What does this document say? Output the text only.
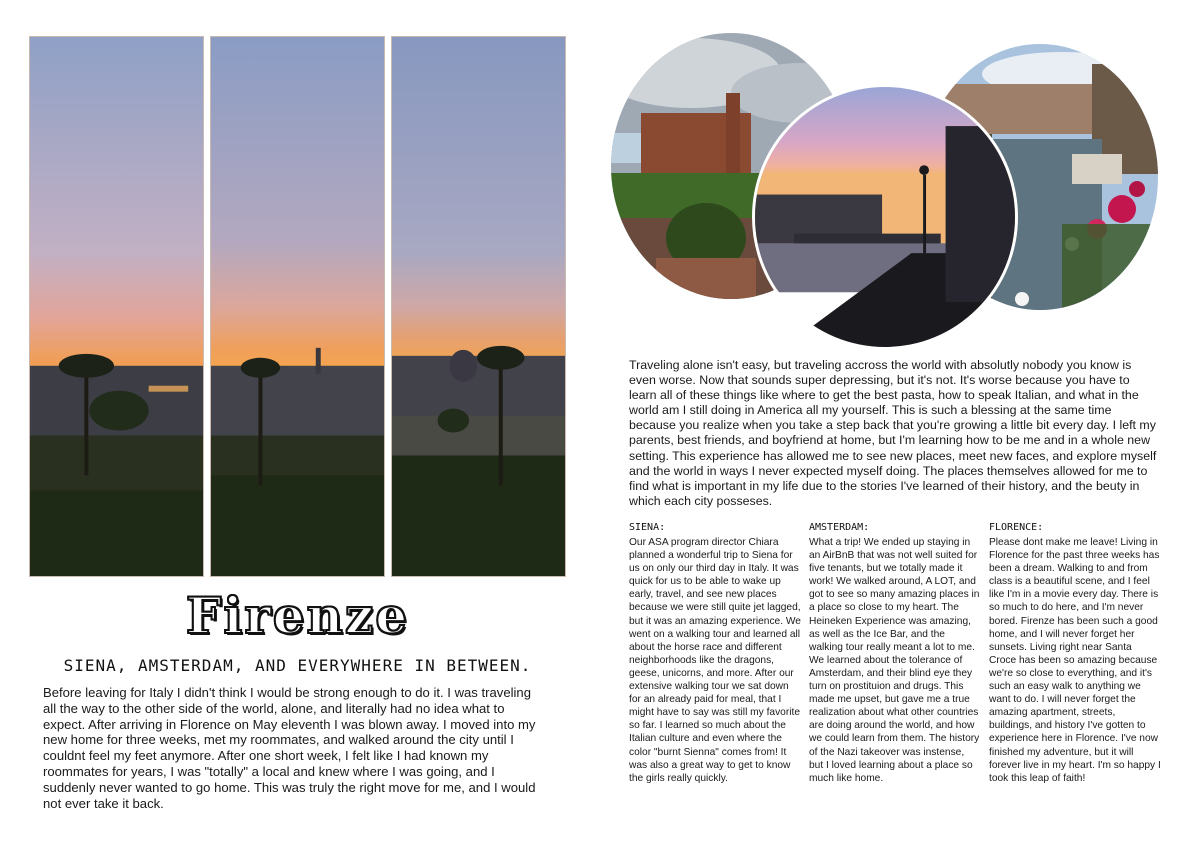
Firenze
SIENA, AMSTERDAM, AND EVERYWHERE IN BETWEEN.

Before leaving for Italy I didn't think I would be strong enough to do it. I was traveling all the way to the other side of the world, alone, and literally had no idea what to expect. After arriving in Florence on May eleventh I was blown away. I moved into my new home for three weeks, met my roommates, and walked around the city until I couldnt feel my feet anymore. After one short week, I felt like I had known my roommates for years, I was "totally" a local and knew where I was going, and I suddenly never wanted to go home. This was truly the right move for me, and I would not ever take it back.

Traveling alone isn't easy, but traveling accross the world with absolutly nobody you know is even worse. Now that sounds super depressing, but it's not. It's worse because you have to learn all of these things like where to get the best pasta, how to speak Italian, and what in the world am I still doing in America all my yourself. This is such a blessing at the same time because you realize when you take a step back that you're growing a little bit every day. I left my parents, best friends, and boyfriend at home, but I'm learning how to be me and in a whole new setting. This experience has allowed me to see new places, meet new faces, and explore myself and the world in ways I never expected myself doing. The places themselves allowed for me to find what is important in my life due to the stories I've learned of their history, and the beuty in which each city posseses.

SIENA:

Our ASA program director Chiara planned a wonderful trip to Siena for us on only our third day in Italy. It was quick for us to be able to wake up early, travel, and see new places because we were still quite jet lagged, but it was an amazing experience. We went on a walking tour and learned all about the horse race and different neighborhoods like the dragons, geese, unicorns, and more. After our extensive walking tour we sat down for an already paid for meal, that I might have to say was still my favorite so far. I learned so much about the Italian culture and even where the color "burnt Sienna" comes from! It was also a great way to get to know the girls really quickly.

AMSTERDAM:

What a trip! We ended up staying in an AirBnB that was not well suited for five tenants, but we totally made it work! We walked around, A LOT, and got to see so many amazing places in a place so close to my heart. The Heineken Experience was amazing, as well as the Ice Bar, and the walking tour really meant a lot to me. We learned about the tolerance of Amsterdam, and their blind eye they turn on prostituion and drugs. This made me upset, but gave me a true realization about what other countries are doing around the world, and how we could learn from them. The history of the Nazi takeover was instense, but I loved learning about a place so much like home.

FLORENCE:

Please dont make me leave! Living in Florence for the past three weeks has been a dream. Walking to and from class is a beautiful scene, and I feel like I'm in a movie every day. There is so much to do here, and I'm never bored. Firenze has been such a good home, and I will never forget her sunsets. Living right near Santa Croce has been so amazing because we're so close to everything, and it's such an easy walk to anything we want to do. I will never forget the amazing apartment, streets, buildings, and history I've gotten to experience here in Florence. I've now finished my adventure, but it will forever live in my heart. I'm so happy I took this leap of faith!
